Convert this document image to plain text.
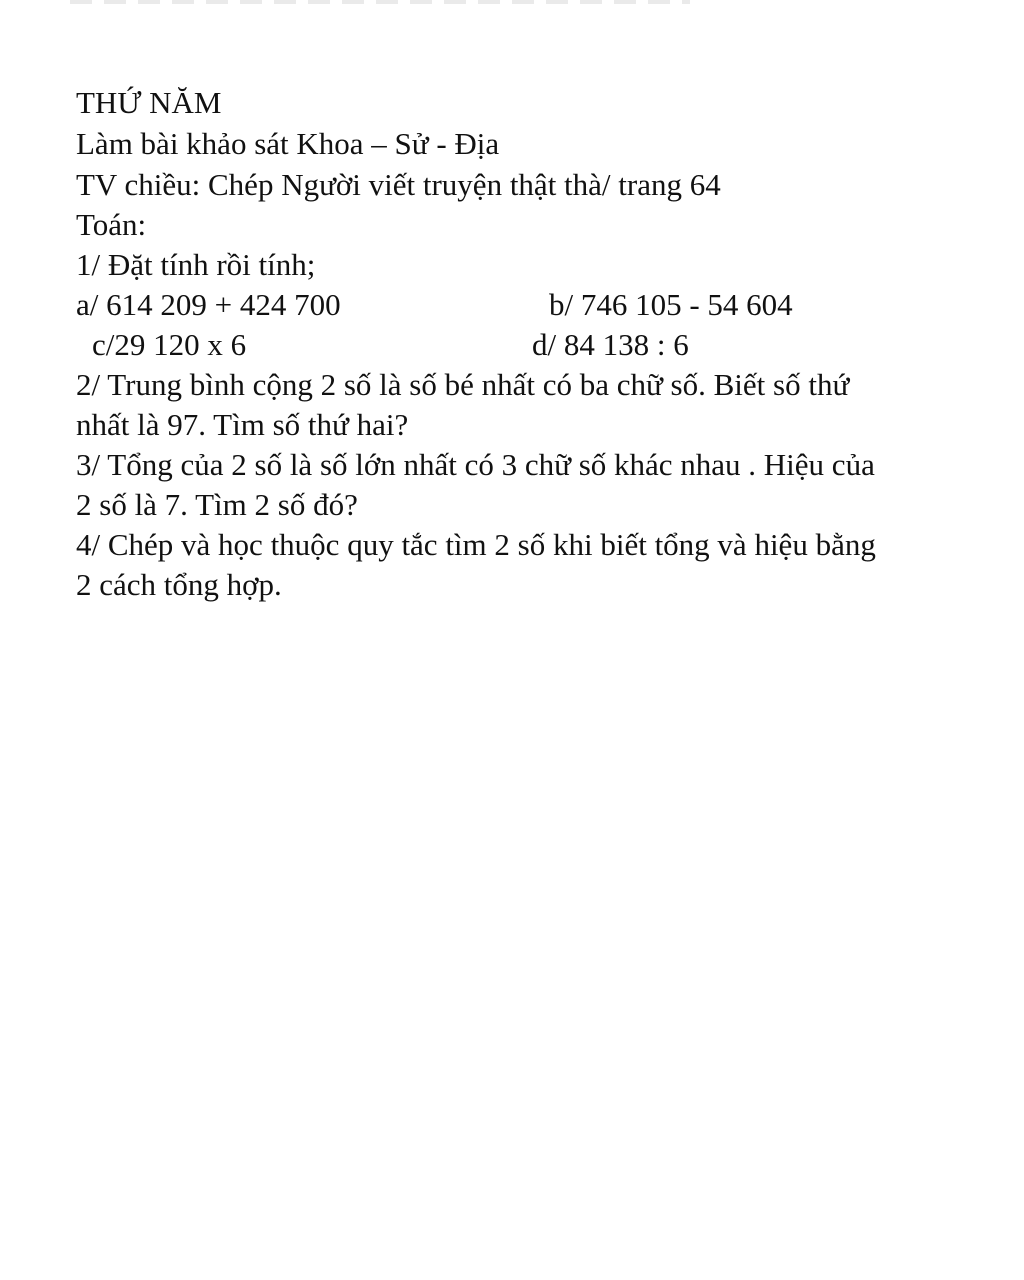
THỨ NĂM
Làm bài khảo sát Khoa – Sử - Địa
TV chiều: Chép Người viết truyện thật thà/ trang 64
Toán:
1/ Đặt tính rồi tính;
a/ 614 209 + 424 700	b/ 746 105 - 54 604
c/29 120 x 6	d/ 84 138 : 6
2/ Trung bình cộng 2 số là số bé nhất có ba chữ số. Biết số thứ
nhất là 97. Tìm số thứ hai?
3/ Tổng của 2 số là số lớn nhất có 3 chữ số khác nhau . Hiệu của
2 số là 7. Tìm 2 số đó?
4/ Chép và học thuộc quy tắc tìm 2 số khi biết tổng và hiệu bằng
2 cách tổng hợp.
